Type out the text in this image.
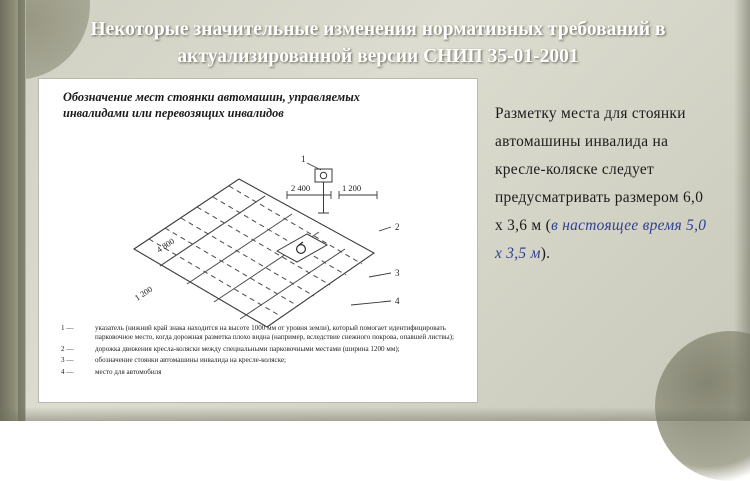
Некоторые значительные изменения нормативных требований в актуализированной версии СНИП 35-01-2001
Обозначение мест стоянки автомашин, управляемых инвалидами или перевозящих инвалидов
2 400	1 200
4 800
1 200
1
2
3
4
1 —	указатель (нижний край знака находится на высоте 1000 мм от уровня земли), который помогает идентифицировать парковочное место, когда дорожная разметка плохо видна (например, вследствие снежного покрова, опавшей листвы);
2 —	дорожка движения кресла-коляски между специальными парковочными местами (ширина 1200 мм);
3 —	обозначение стоянки автомашины инвалида на кресле-коляске;
4 —	место для автомобиля
Разметку места для стоянки автомашины инвалида на кресле-коляске следует предусматривать размером 6,0 х 3,6 м (в настоящее время 5,0 х 3,5 м).
